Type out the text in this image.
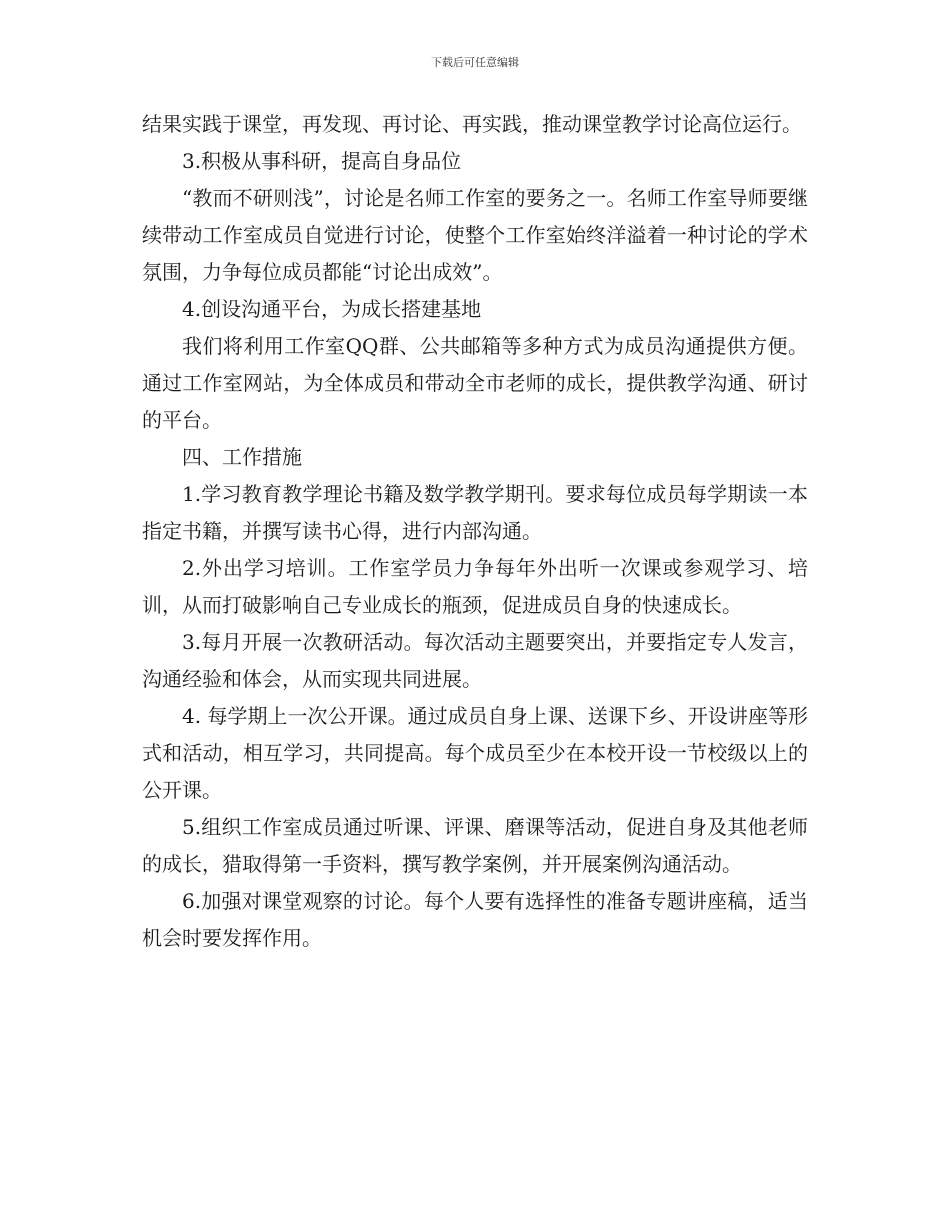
下载后可任意编辑

结果实践于课堂，再发现、再讨论、再实践，推动课堂教学讨论高位运行。

3.积极从事科研，提高自身品位

“教而不研则浅”，讨论是名师工作室的要务之一。名师工作室导师要继续带动工作室成员自觉进行讨论，使整个工作室始终洋溢着一种讨论的学术氛围，力争每位成员都能“讨论出成效”。

4.创设沟通平台，为成长搭建基地

我们将利用工作室QQ群、公共邮箱等多种方式为成员沟通提供方便。通过工作室网站，为全体成员和带动全市老师的成长，提供教学沟通、研讨的平台。

四、工作措施

1.学习教育教学理论书籍及数学教学期刊。要求每位成员每学期读一本指定书籍，并撰写读书心得，进行内部沟通。

2.外出学习培训。工作室学员力争每年外出听一次课或参观学习、培训，从而打破影响自己专业成长的瓶颈，促进成员自身的快速成长。

3.每月开展一次教研活动。每次活动主题要突出，并要指定专人发言，沟通经验和体会，从而实现共同进展。

4. 每学期上一次公开课。通过成员自身上课、送课下乡、开设讲座等形式和活动，相互学习，共同提高。每个成员至少在本校开设一节校级以上的公开课。

5.组织工作室成员通过听课、评课、磨课等活动，促进自身及其他老师的成长，猎取得第一手资料，撰写教学案例，并开展案例沟通活动。

6.加强对课堂观察的讨论。每个人要有选择性的准备专题讲座稿，适当机会时要发挥作用。
